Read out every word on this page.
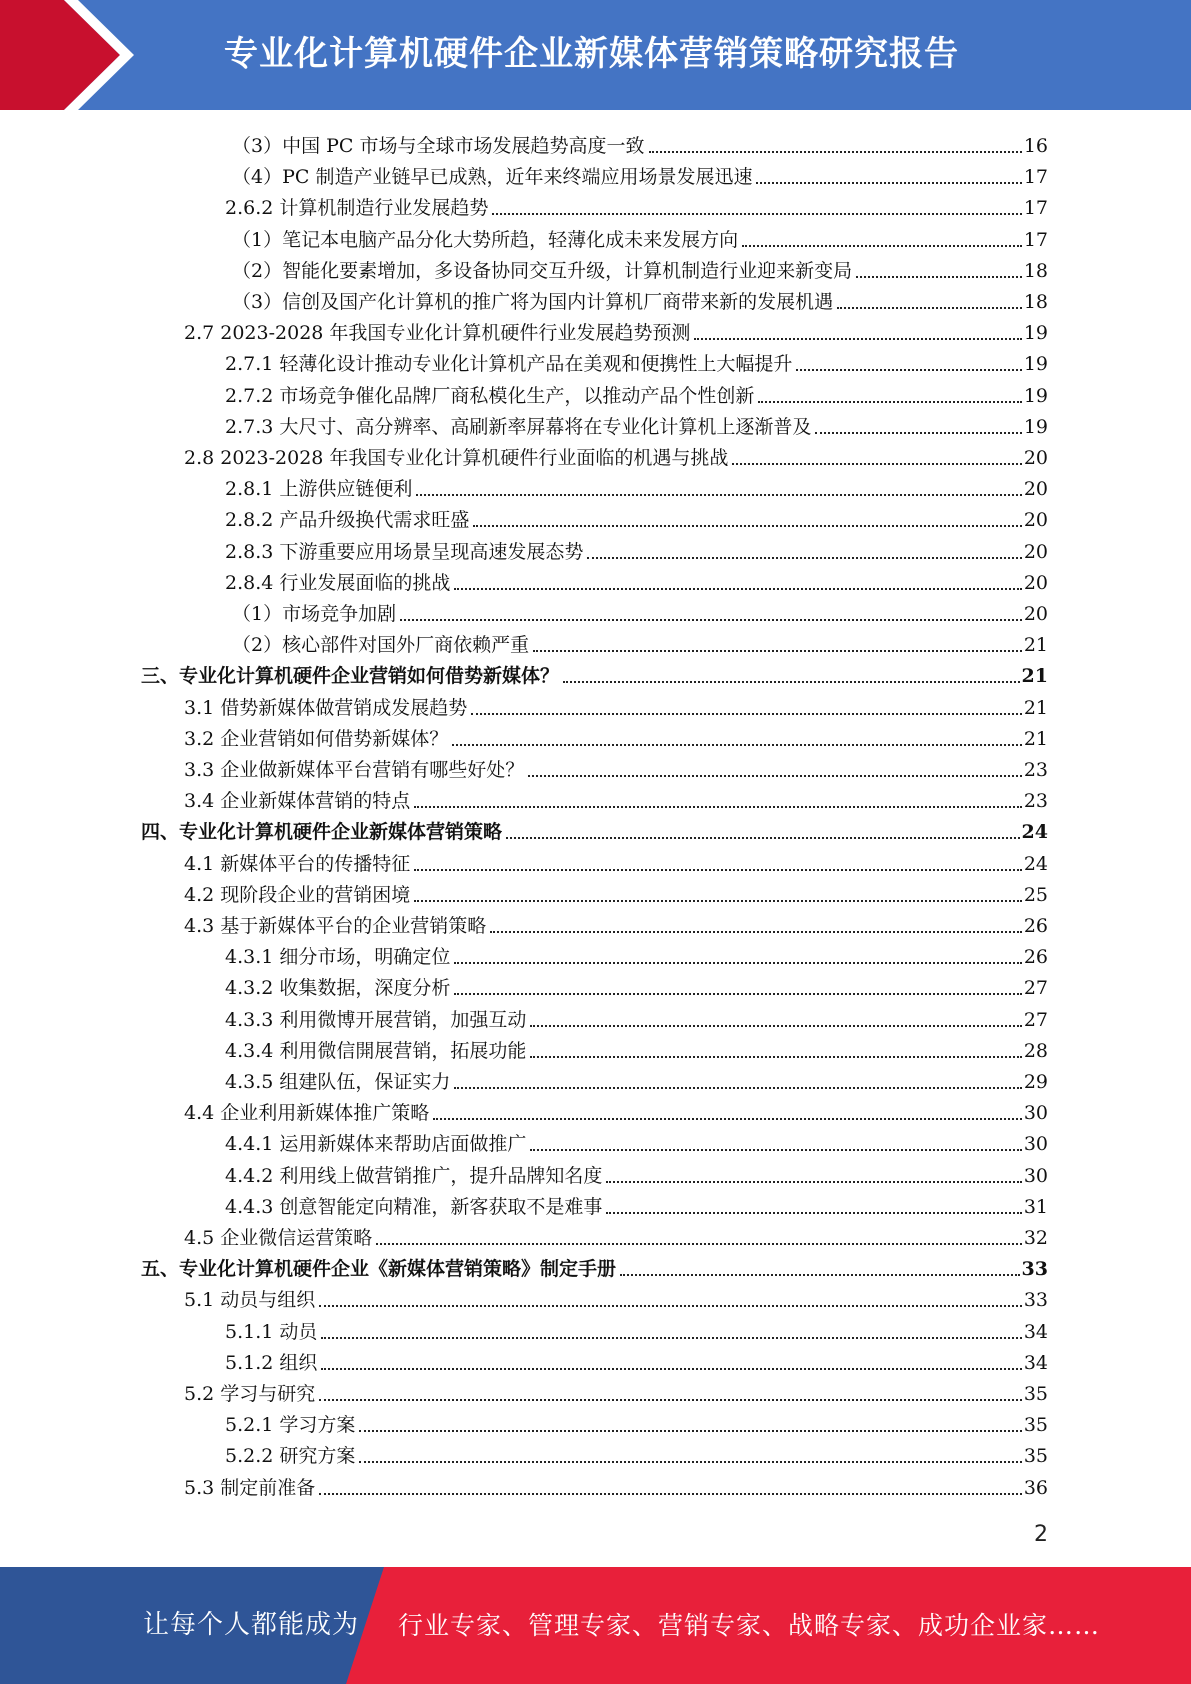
专业化计算机硬件企业新媒体营销策略研究报告
（3）中国 PC 市场与全球市场发展趋势高度一致	16
（4）PC 制造产业链早已成熟，近年来终端应用场景发展迅速	17
2.6.2 计算机制造行业发展趋势	17
（1）笔记本电脑产品分化大势所趋，轻薄化成未来发展方向	17
（2）智能化要素增加，多设备协同交互升级，计算机制造行业迎来新变局	18
（3）信创及国产化计算机的推广将为国内计算机厂商带来新的发展机遇	18
2.7 2023-2028 年我国专业化计算机硬件行业发展趋势预测	19
2.7.1 轻薄化设计推动专业化计算机产品在美观和便携性上大幅提升	19
2.7.2 市场竞争催化品牌厂商私模化生产，以推动产品个性创新	19
2.7.3 大尺寸、高分辨率、高刷新率屏幕将在专业化计算机上逐渐普及	19
2.8 2023-2028 年我国专业化计算机硬件行业面临的机遇与挑战	20
2.8.1 上游供应链便利	20
2.8.2 产品升级换代需求旺盛	20
2.8.3 下游重要应用场景呈现高速发展态势	20
2.8.4 行业发展面临的挑战	20
（1）市场竞争加剧	20
（2）核心部件对国外厂商依赖严重	21
三、专业化计算机硬件企业营销如何借势新媒体？	21
3.1 借势新媒体做营销成发展趋势	21
3.2 企业营销如何借势新媒体？	21
3.3 企业做新媒体平台营销有哪些好处？	23
3.4 企业新媒体营销的特点	23
四、专业化计算机硬件企业新媒体营销策略	24
4.1 新媒体平台的传播特征	24
4.2 现阶段企业的营销困境	25
4.3 基于新媒体平台的企业营销策略	26
4.3.1 细分市场，明确定位	26
4.3.2 收集数据，深度分析	27
4.3.3 利用微博开展营销，加强互动	27
4.3.4 利用微信開展营销，拓展功能	28
4.3.5 组建队伍，保证实力	29
4.4 企业利用新媒体推广策略	30
4.4.1 运用新媒体来帮助店面做推广	30
4.4.2 利用线上做营销推广，提升品牌知名度	30
4.4.3 创意智能定向精准，新客获取不是难事	31
4.5 企业微信运营策略	32
五、专业化计算机硬件企业《新媒体营销策略》制定手册	33
5.1 动员与组织	33
5.1.1 动员	34
5.1.2 组织	34
5.2 学习与研究	35
5.2.1 学习方案	35
5.2.2 研究方案	35
5.3 制定前准备	36
2
让每个人都能成为 行业专家、管理专家、营销专家、战略专家、成功企业家……
